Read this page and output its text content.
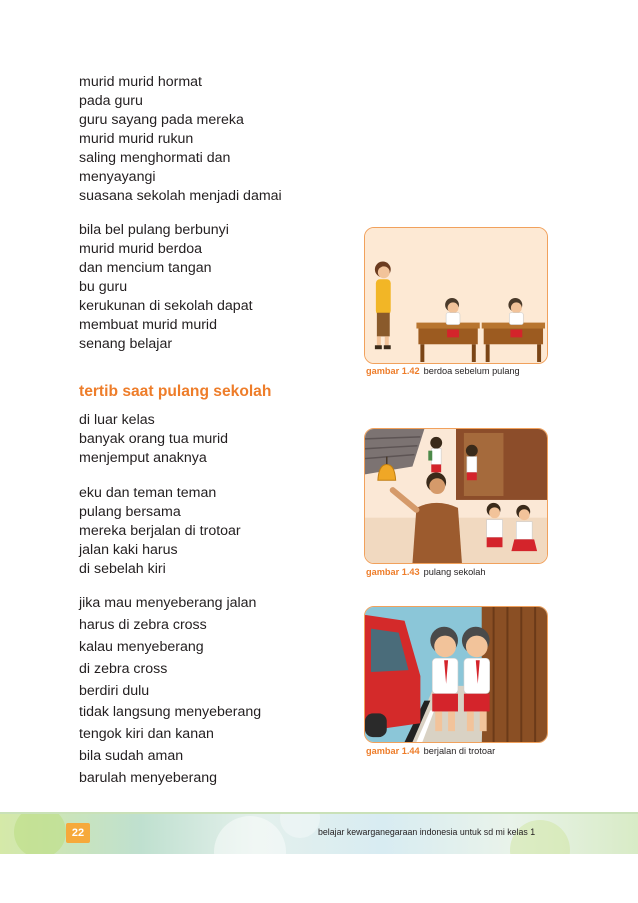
murid murid hormat
pada guru
guru sayang pada mereka
murid murid rukun
saling menghormati dan
menyayangi
suasana sekolah menjadi damai
bila bel pulang berbunyi
murid murid berdoa
dan mencium tangan
bu guru
kerukunan di sekolah dapat
membuat murid murid
senang belajar
tertib saat pulang sekolah
di luar kelas
banyak orang tua murid
menjemput anaknya
eku dan teman teman
pulang bersama
mereka berjalan di trotoar
jalan kaki harus
di sebelah kiri
jika mau menyeberang jalan
harus di zebra cross
kalau menyeberang
di zebra cross
berdiri dulu
tidak langsung menyeberang
tengok kiri dan kanan
bila sudah aman
barulah menyeberang
gambar 1.42 berdoa sebelum pulang
gambar 1.43 pulang sekolah
gambar 1.44 berjalan di trotoar
22	belajar kewarganegaraan indonesia untuk sd mi kelas 1
